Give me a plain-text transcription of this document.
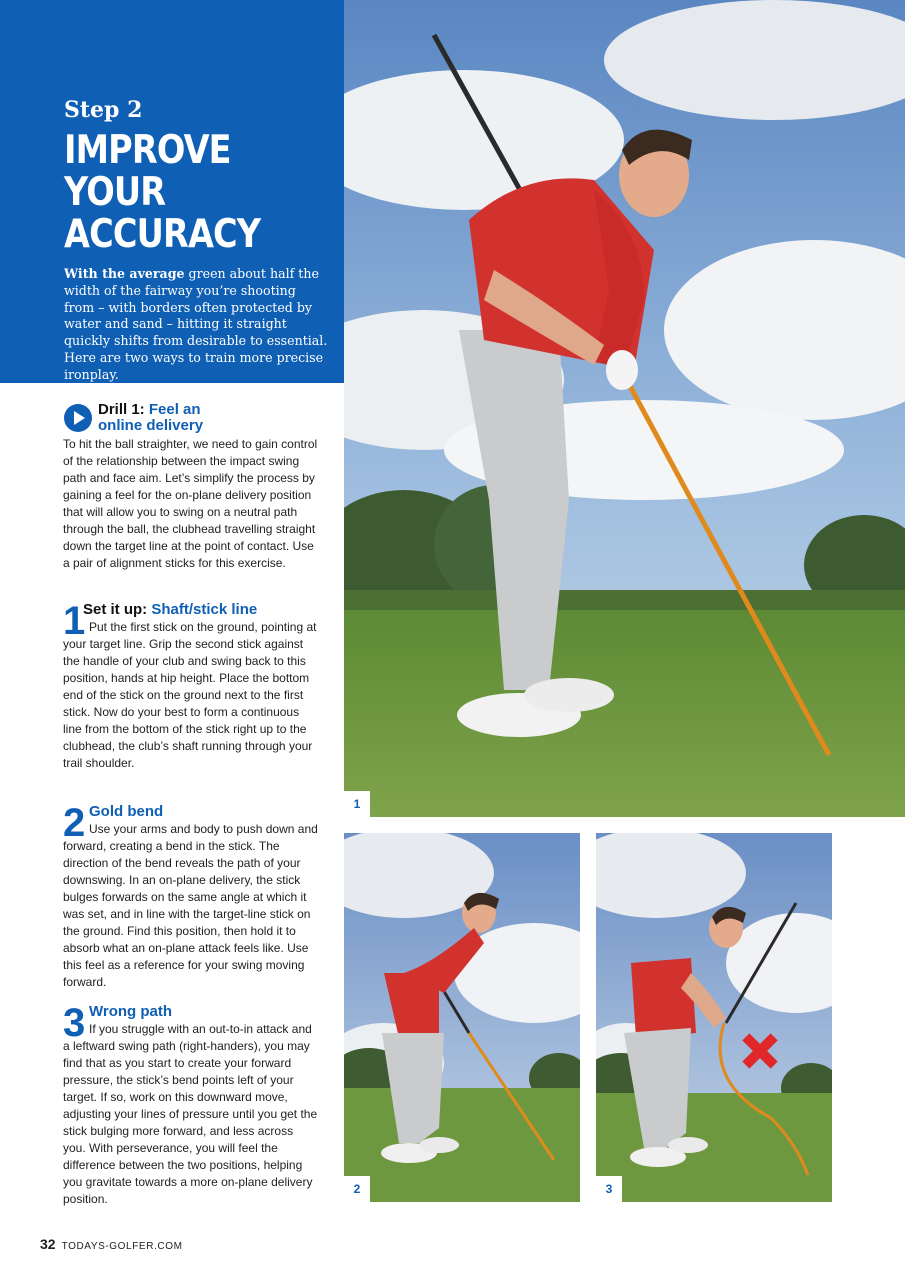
Step 2
IMPROVE
YOUR
ACCURACY

With the average green about half the width of the fairway you’re shooting from – with borders often protected by water and sand – hitting it straight quickly shifts from desirable to essential. Here are two ways to train more precise ironplay.

Drill 1: Feel an
online delivery
To hit the ball straighter, we need to gain control of the relationship between the impact swing path and face aim. Let’s simplify the process by gaining a feel for the on-plane delivery position that will allow you to swing on a neutral path through the ball, the clubhead travelling straight down the target line at the point of contact. Use a pair of alignment sticks for this exercise.
1
Set it up: Shaft/stick line

Put the first stick on the ground, pointing at your target line. Grip the second stick against the handle of your club and swing back to this position, hands at hip height. Place the bottom end of the stick on the ground next to the first stick. Now do your best to form a continuous line from the bottom of the stick right up to the clubhead, the club’s shaft running through your trail shoulder.

2 Gold bend

Use your arms and body to push down and forward, creating a bend in the stick. The direction of the bend reveals the path of your downswing. In an on-plane delivery, the stick bulges forwards on the same angle at which it was set, and in line with the target-line stick on the ground. Find this position, then hold it to absorb what an on-plane attack feels like. Use this feel as a reference for your swing moving forward.

3 Wrong path

If you struggle with an out-to-in attack and a leftward swing path (right-handers), you may find that as you start to create your forward pressure, the stick’s bend points left of your target. If so, work on this downward move, adjusting your lines of pressure until you get the stick bulging more forward, and less across you. With perseverance, you will feel the difference between the two positions, helping you gravitate towards a more on-plane delivery position.

1
2	3
32 TODAYS-GOLFER.COM
